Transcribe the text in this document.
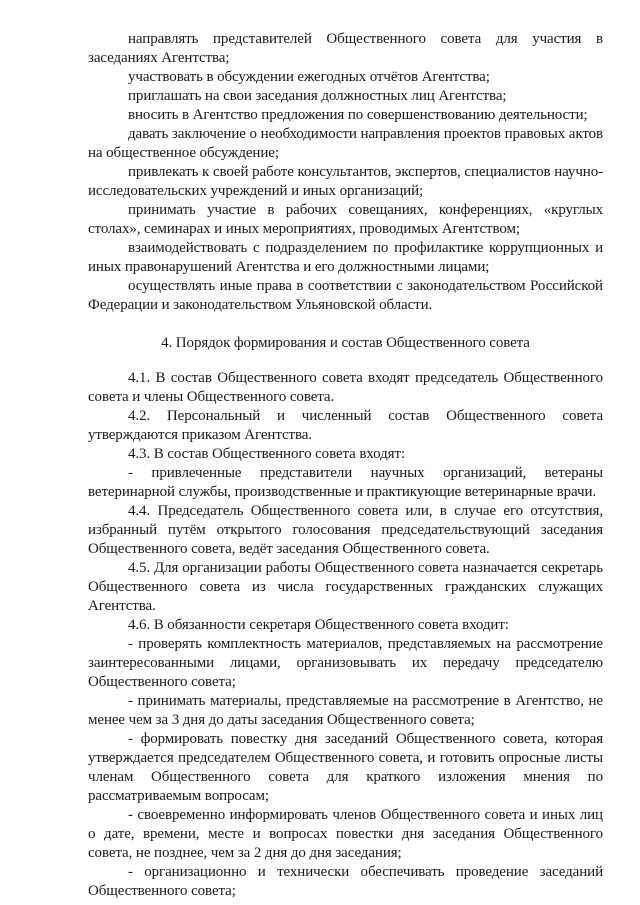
направлять представителей Общественного совета для участия в заседаниях Агентства;

участвовать в обсуждении ежегодных отчётов Агентства;

приглашать на свои заседания должностных лиц Агентства;

вносить в Агентство предложения по совершенствованию деятельности;

давать заключение о необходимости направления проектов правовых актов на общественное обсуждение;

привлекать к своей работе консультантов, экспертов, специалистов научно-исследовательских учреждений и иных организаций;

принимать участие в рабочих совещаниях, конференциях, «круглых столах», семинарах и иных мероприятиях, проводимых Агентством;

взаимодействовать с подразделением по профилактике коррупционных и иных правонарушений Агентства и его должностными лицами;

осуществлять иные права в соответствии с законодательством Российской Федерации и законодательством Ульяновской области.

4. Порядок формирования и состав Общественного совета

4.1. В состав Общественного совета входят председатель Общественного совета и члены Общественного совета.

4.2. Персональный и численный состав Общественного совета утверждаются приказом Агентства.

4.3. В состав Общественного совета входят:

- привлеченные представители научных организаций, ветераны ветеринарной службы, производственные и практикующие ветеринарные врачи.

4.4. Председатель Общественного совета или, в случае его отсутствия, избранный путём открытого голосования председательствующий заседания Общественного совета, ведёт заседания Общественного совета.

4.5. Для организации работы Общественного совета назначается секретарь Общественного совета из числа государственных гражданских служащих Агентства.

4.6. В обязанности секретаря Общественного совета входит:

- проверять комплектность материалов, представляемых на рассмотрение заинтересованными лицами, организовывать их передачу председателю Общественного совета;

- принимать материалы, представляемые на рассмотрение в Агентство, не менее чем за 3 дня до даты заседания Общественного совета;

- формировать повестку дня заседаний Общественного совета, которая утверждается председателем Общественного совета, и готовить опросные листы членам Общественного совета для краткого изложения мнения по рассматриваемым вопросам;

- своевременно информировать членов Общественного совета и иных лиц о дате, времени, месте и вопросах повестки дня заседания Общественного совета, не позднее, чем за 2 дня до дня заседания;

- организационно и технически обеспечивать проведение заседаний Общественного совета;
